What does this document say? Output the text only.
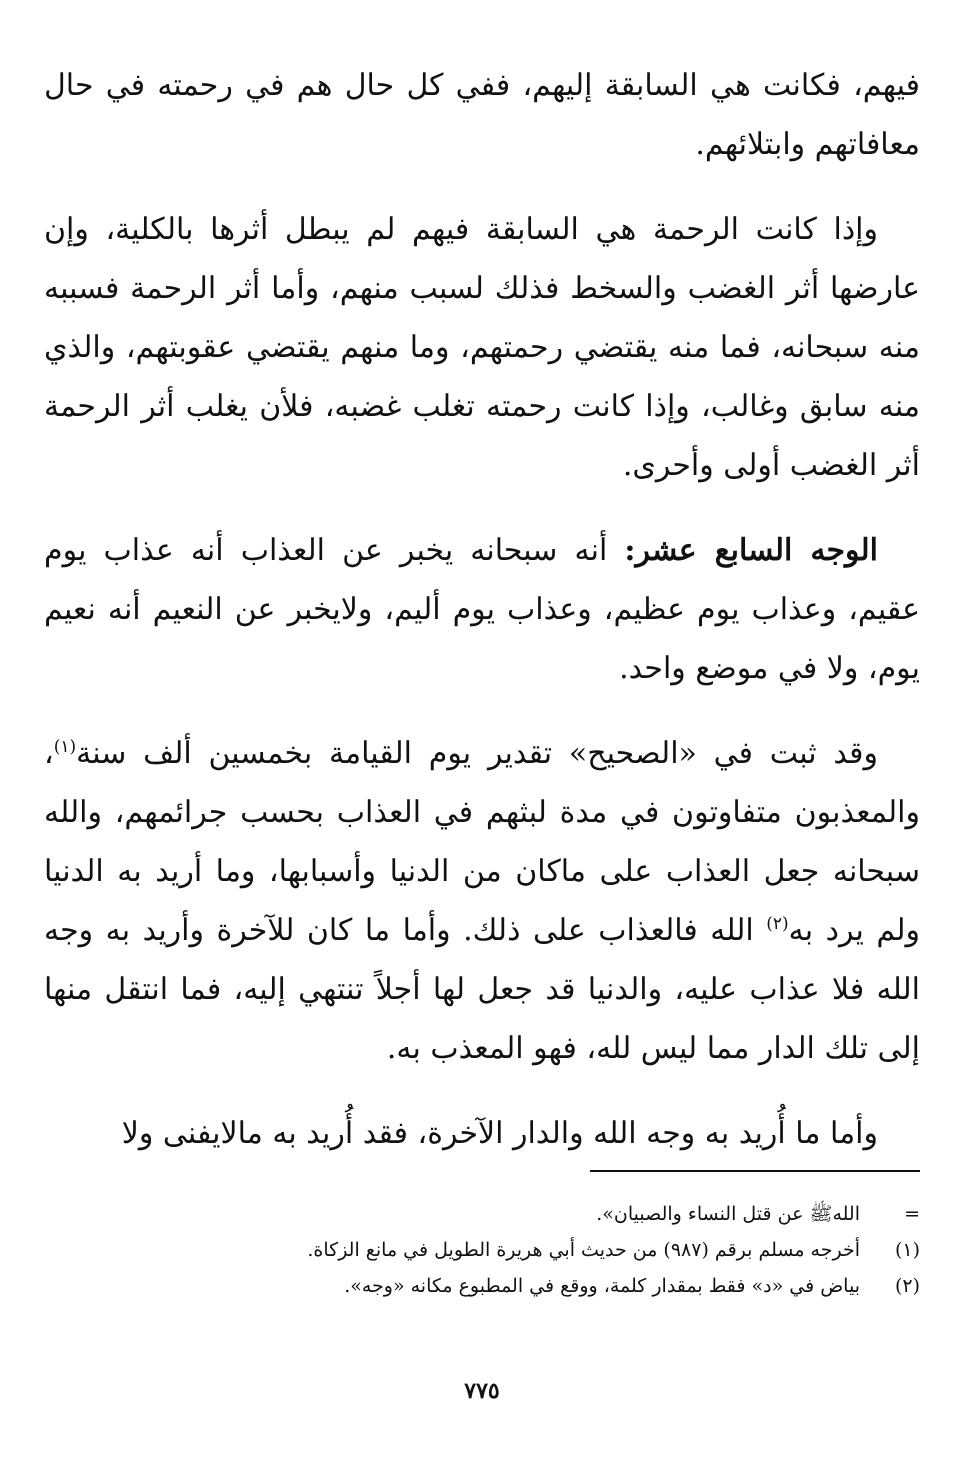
فيهم، فكانت هي السابقة إليهم، ففي كل حال هم في رحمته في حال معافاتهم وابتلائهم.

وإذا كانت الرحمة هي السابقة فيهم لم يبطل أثرها بالكلية، وإن عارضها أثر الغضب والسخط فذلك لسبب منهم، وأما أثر الرحمة فسببه منه سبحانه، فما منه يقتضي رحمتهم، وما منهم يقتضي عقوبتهم، والذي منه سابق وغالب، وإذا كانت رحمته تغلب غضبه، فلأن يغلب أثر الرحمة أثر الغضب أولى وأحرى.

الوجه السابع عشر: أنه سبحانه يخبر عن العذاب أنه عذاب يوم عقيم، وعذاب يوم عظيم، وعذاب يوم أليم، ولايخبر عن النعيم أنه نعيم يوم، ولا في موضع واحد.

وقد ثبت في «الصحيح» تقدير يوم القيامة بخمسين ألف سنة$^{(١)}$، والمعذبون متفاوتون في مدة لبثهم في العذاب بحسب جرائمهم، والله سبحانه جعل العذاب على ماكان من الدنيا وأسبابها، وما أريد به الدنيا ولم يرد به$^{(٢)}$ الله فالعذاب على ذلك. وأما ما كان للآخرة وأريد به وجه الله فلا عذاب عليه، والدنيا قد جعل لها أجلاً تنتهي إليه، فما انتقل منها إلى تلك الدار مما ليس لله، فهو المعذب به.

وأما ما أُريد به وجه الله والدار الآخرة، فقد أُريد به مالايفنى ولا

=
اللهﷺ عن قتل النساء والصبيان».
(١)
أخرجه مسلم برقم (٩٨٧) من حديث أبي هريرة الطويل في مانع الزكاة.
(٢)
بياض في «د» فقط بمقدار كلمة، ووقع في المطبوع مكانه «وجه».
٧٧٥
